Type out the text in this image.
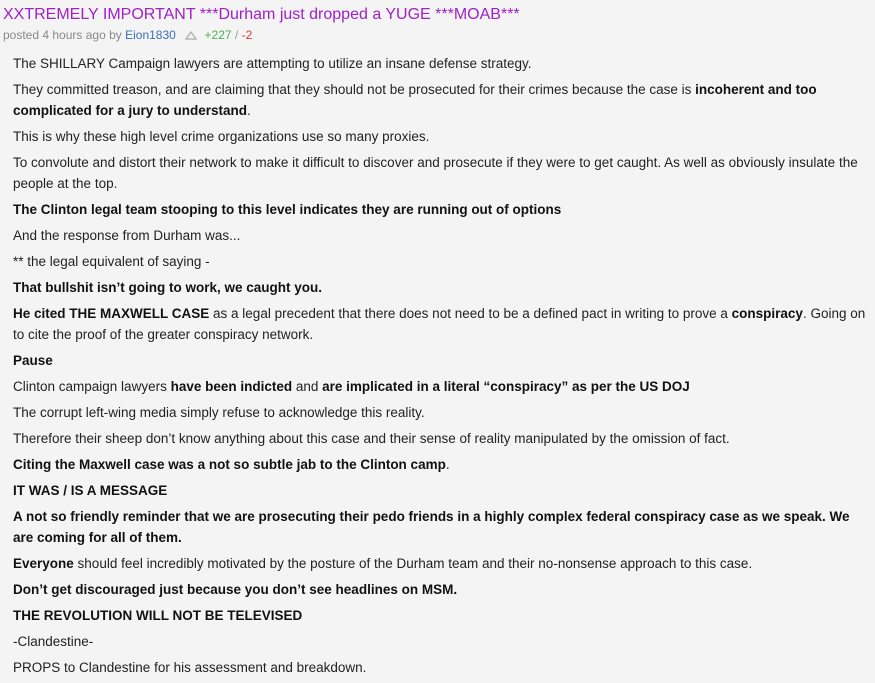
XXTREMELY IMPORTANT ***Durham just dropped a YUGE ***MOAB***
posted 4 hours ago by Eion1830 +227 / -2

The SHILLARY Campaign lawyers are attempting to utilize an insane defense strategy.

They committed treason, and are claiming that they should not be prosecuted for their crimes because the case is incoherent and too complicated for a jury to understand.

This is why these high level crime organizations use so many proxies.

To convolute and distort their network to make it difficult to discover and prosecute if they were to get caught. As well as obviously insulate the people at the top.

The Clinton legal team stooping to this level indicates they are running out of options

And the response from Durham was...

** the legal equivalent of saying -

That bullshit isn’t going to work, we caught you.

He cited THE MAXWELL CASE as a legal precedent that there does not need to be a defined pact in writing to prove a conspiracy. Going on to cite the proof of the greater conspiracy network.

Pause

Clinton campaign lawyers have been indicted and are implicated in a literal “conspiracy” as per the US DOJ

The corrupt left-wing media simply refuse to acknowledge this reality.

Therefore their sheep don’t know anything about this case and their sense of reality manipulated by the omission of fact.

Citing the Maxwell case was a not so subtle jab to the Clinton camp.

IT WAS / IS A MESSAGE

A not so friendly reminder that we are prosecuting their pedo friends in a highly complex federal conspiracy case as we speak. We are coming for all of them.

Everyone should feel incredibly motivated by the posture of the Durham team and their no-nonsense approach to this case.

Don’t get discouraged just because you don’t see headlines on MSM.

THE REVOLUTION WILL NOT BE TELEVISED

-Clandestine-

PROPS to Clandestine for his assessment and breakdown.
